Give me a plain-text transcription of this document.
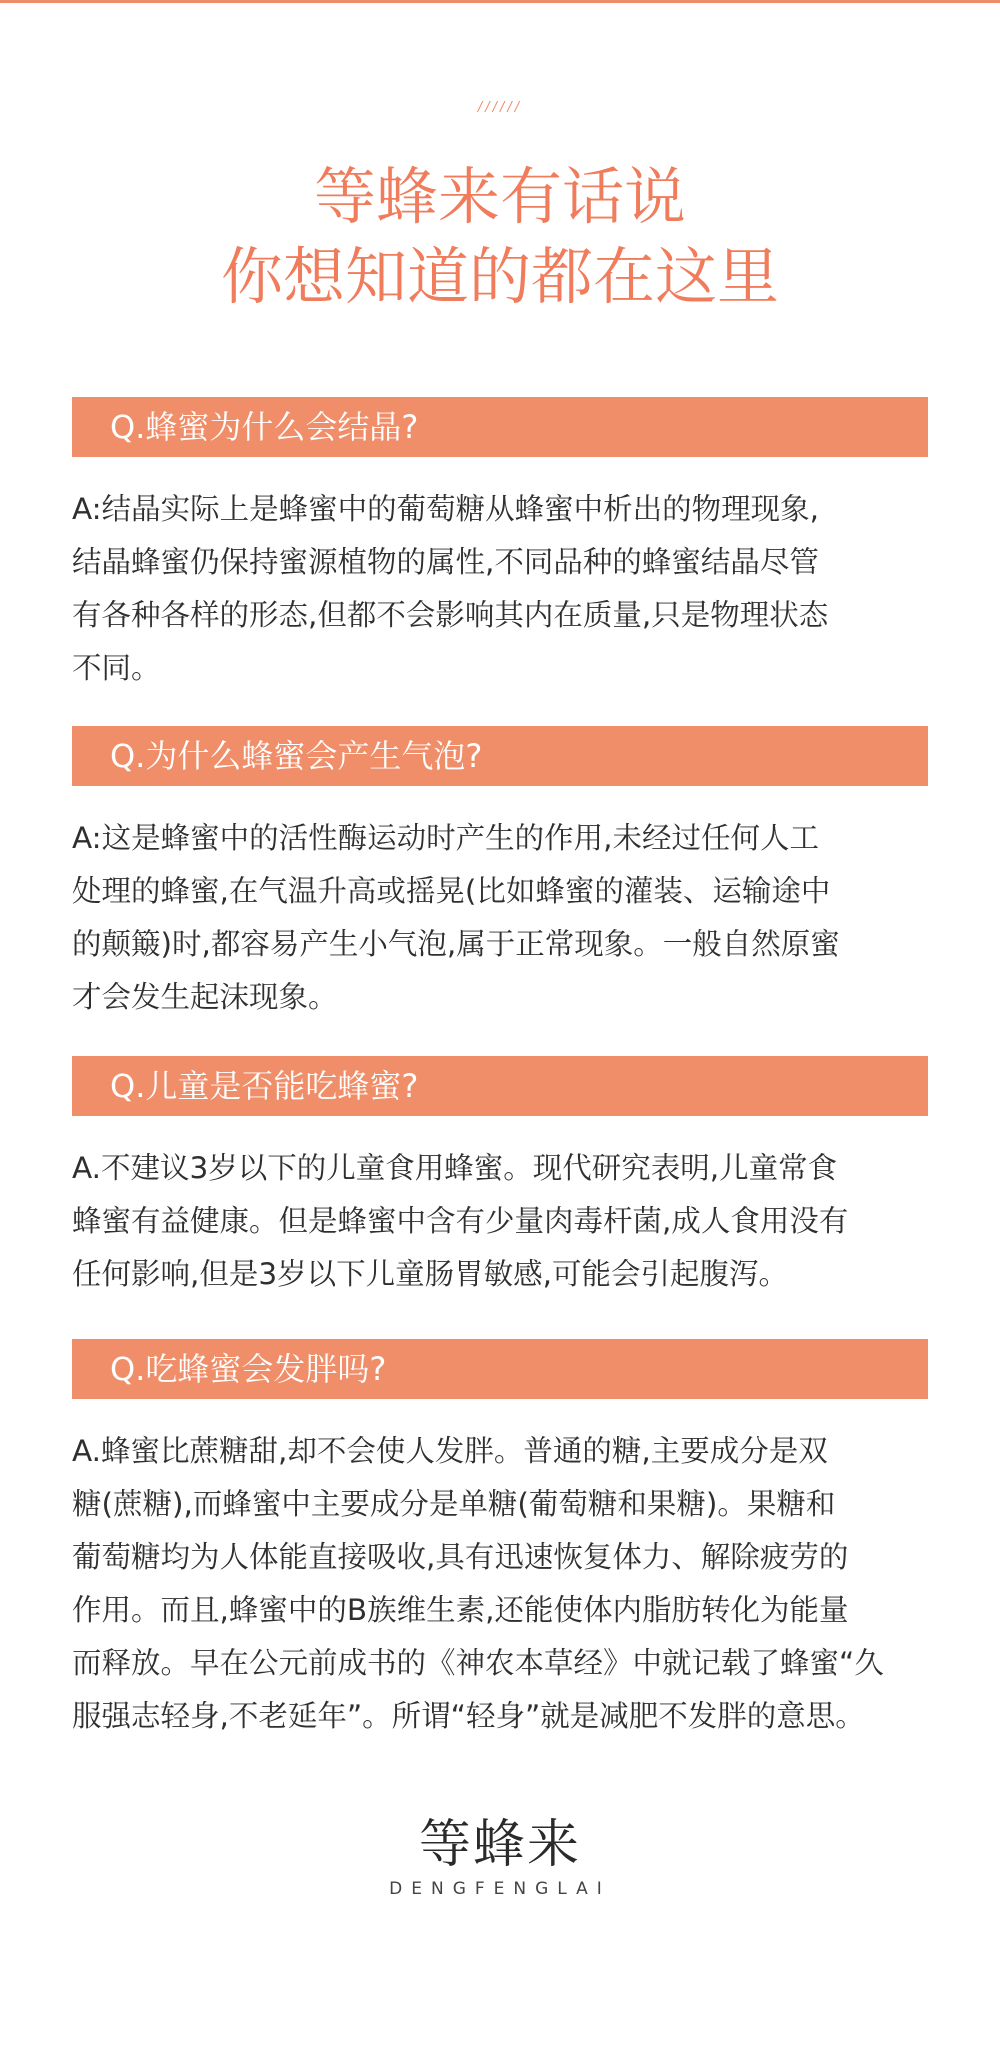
//////
等蜂来有话说
你想知道的都在这里
Q.蜂蜜为什么会结晶?
A:结晶实际上是蜂蜜中的葡萄糖从蜂蜜中析出的物理现象,
结晶蜂蜜仍保持蜜源植物的属性,不同品种的蜂蜜结晶尽管
有各种各样的形态,但都不会影响其内在质量,只是物理状态
不同。
Q.为什么蜂蜜会产生气泡?
A:这是蜂蜜中的活性酶运动时产生的作用,未经过任何人工
处理的蜂蜜,在气温升高或摇晃(比如蜂蜜的灌装、运输途中
的颠簸)时,都容易产生小气泡,属于正常现象。一般自然原蜜
才会发生起沫现象。
Q.儿童是否能吃蜂蜜?
A.不建议3岁以下的儿童食用蜂蜜。现代研究表明,儿童常食
蜂蜜有益健康。但是蜂蜜中含有少量肉毒杆菌,成人食用没有
任何影响,但是3岁以下儿童肠胃敏感,可能会引起腹泻。
Q.吃蜂蜜会发胖吗?
A.蜂蜜比蔗糖甜,却不会使人发胖。普通的糖,主要成分是双
糖(蔗糖),而蜂蜜中主要成分是单糖(葡萄糖和果糖)。果糖和
葡萄糖均为人体能直接吸收,具有迅速恢复体力、解除疲劳的
作用。而且,蜂蜜中的B族维生素,还能使体内脂肪转化为能量
而释放。早在公元前成书的《神农本草经》中就记载了蜂蜜“久
服强志轻身,不老延年”。所谓“轻身”就是减肥不发胖的意思。
等蜂来
DENGFENGLAI
